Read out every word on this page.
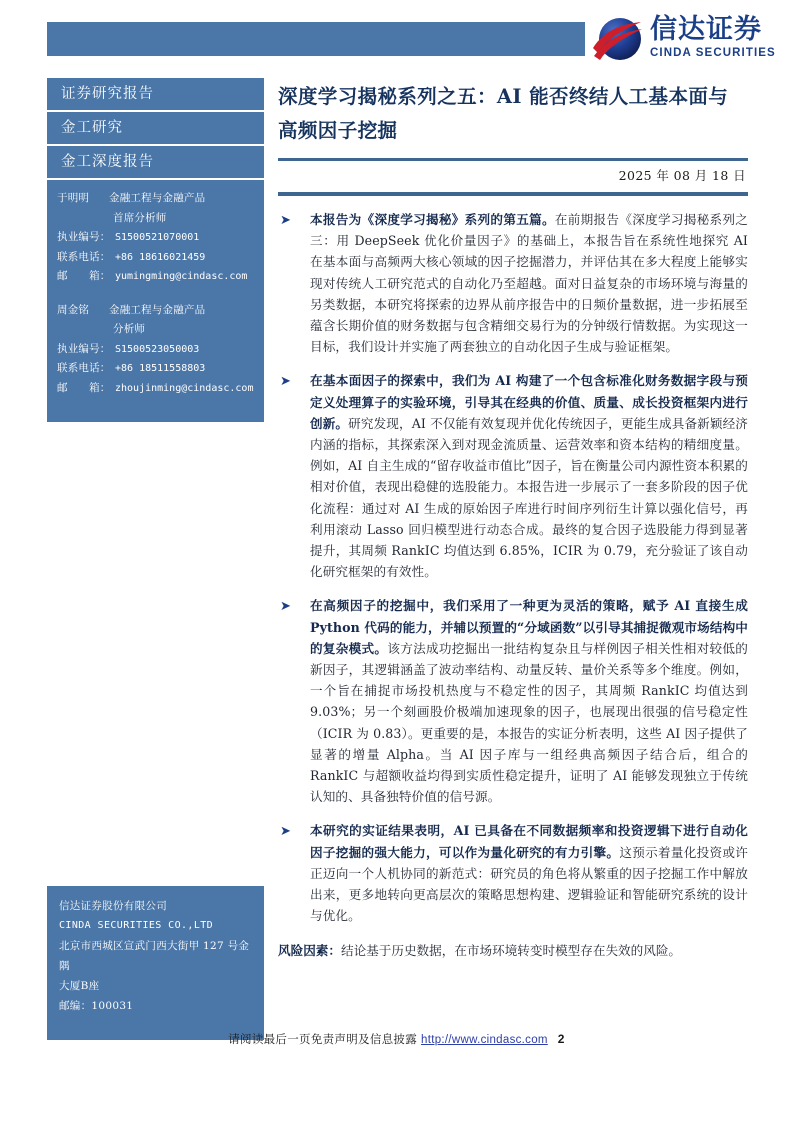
信达证券
CINDA SECURITIES
证券研究报告
金工研究
金工深度报告
于明明 金融工程与金融产品
首席分析师
执业编号： S1500521070001
联系电话： +86 18616021459
邮　　箱： yumingming@cindasc.com
周金铭 金融工程与金融产品
分析师
执业编号： S1500523050003
联系电话： +86 18511558803
邮　　箱： zhoujinming@cindasc.com
信达证券股份有限公司
CINDA SECURITIES CO.,LTD
北京市西城区宣武门西大街甲 127 号金隅
大厦B座
邮编：100031
深度学习揭秘系列之五：AI 能否终结人工基本面与高频因子挖掘
2025 年 08 月 18 日
➤ 本报告为《深度学习揭秘》系列的第五篇。在前期报告《深度学习揭秘系列之三：用 DeepSeek 优化价量因子》的基础上，本报告旨在系统性地探究 AI 在基本面与高频两大核心领域的因子挖掘潜力，并评估其在多大程度上能够实现对传统人工研究范式的自动化乃至超越。面对日益复杂的市场环境与海量的另类数据，本研究将探索的边界从前序报告中的日频价量数据，进一步拓展至蕴含长期价值的财务数据与包含精细交易行为的分钟级行情数据。为实现这一目标，我们设计并实施了两套独立的自动化因子生成与验证框架。
➤ 在基本面因子的探索中，我们为 AI 构建了一个包含标准化财务数据字段与预定义处理算子的实验环境，引导其在经典的价值、质量、成长投资框架内进行创新。研究发现，AI 不仅能有效复现并优化传统因子，更能生成具备新颖经济内涵的指标，其探索深入到对现金流质量、运营效率和资本结构的精细度量。例如，AI 自主生成的“留存收益市值比”因子，旨在衡量公司内源性资本积累的相对价值，表现出稳健的选股能力。本报告进一步展示了一套多阶段的因子优化流程：通过对 AI 生成的原始因子库进行时间序列衍生计算以强化信号，再利用滚动 Lasso 回归模型进行动态合成。最终的复合因子选股能力得到显著提升，其周频 RankIC 均值达到 6.85%，ICIR 为 0.79，充分验证了该自动化研究框架的有效性。
➤ 在高频因子的挖掘中，我们采用了一种更为灵活的策略，赋予 AI 直接生成 Python 代码的能力，并辅以预置的“分域函数”以引导其捕捉微观市场结构中的复杂模式。该方法成功挖掘出一批结构复杂且与样例因子相关性相对较低的新因子，其逻辑涵盖了波动率结构、动量反转、量价关系等多个维度。例如，一个旨在捕捉市场投机热度与不稳定性的因子，其周频 RankIC 均值达到 9.03%；另一个刻画股价极端加速现象的因子，也展现出很强的信号稳定性（ICIR 为 0.83）。更重要的是，本报告的实证分析表明，这些 AI 因子提供了显著的增量 Alpha。当 AI 因子库与一组经典高频因子结合后，组合的 RankIC 与超额收益均得到实质性稳定提升，证明了 AI 能够发现独立于传统认知的、具备独特价值的信号源。
➤ 本研究的实证结果表明，AI 已具备在不同数据频率和投资逻辑下进行自动化因子挖掘的强大能力，可以作为量化研究的有力引擎。这预示着量化投资或许正迈向一个人机协同的新范式：研究员的角色将从繁重的因子挖掘工作中解放出来，更多地转向更高层次的策略思想构建、逻辑验证和智能研究系统的设计与优化。
风险因素：结论基于历史数据，在市场环境转变时模型存在失效的风险。
请阅读最后一页免责声明及信息披露 http://www.cindasc.com 2
